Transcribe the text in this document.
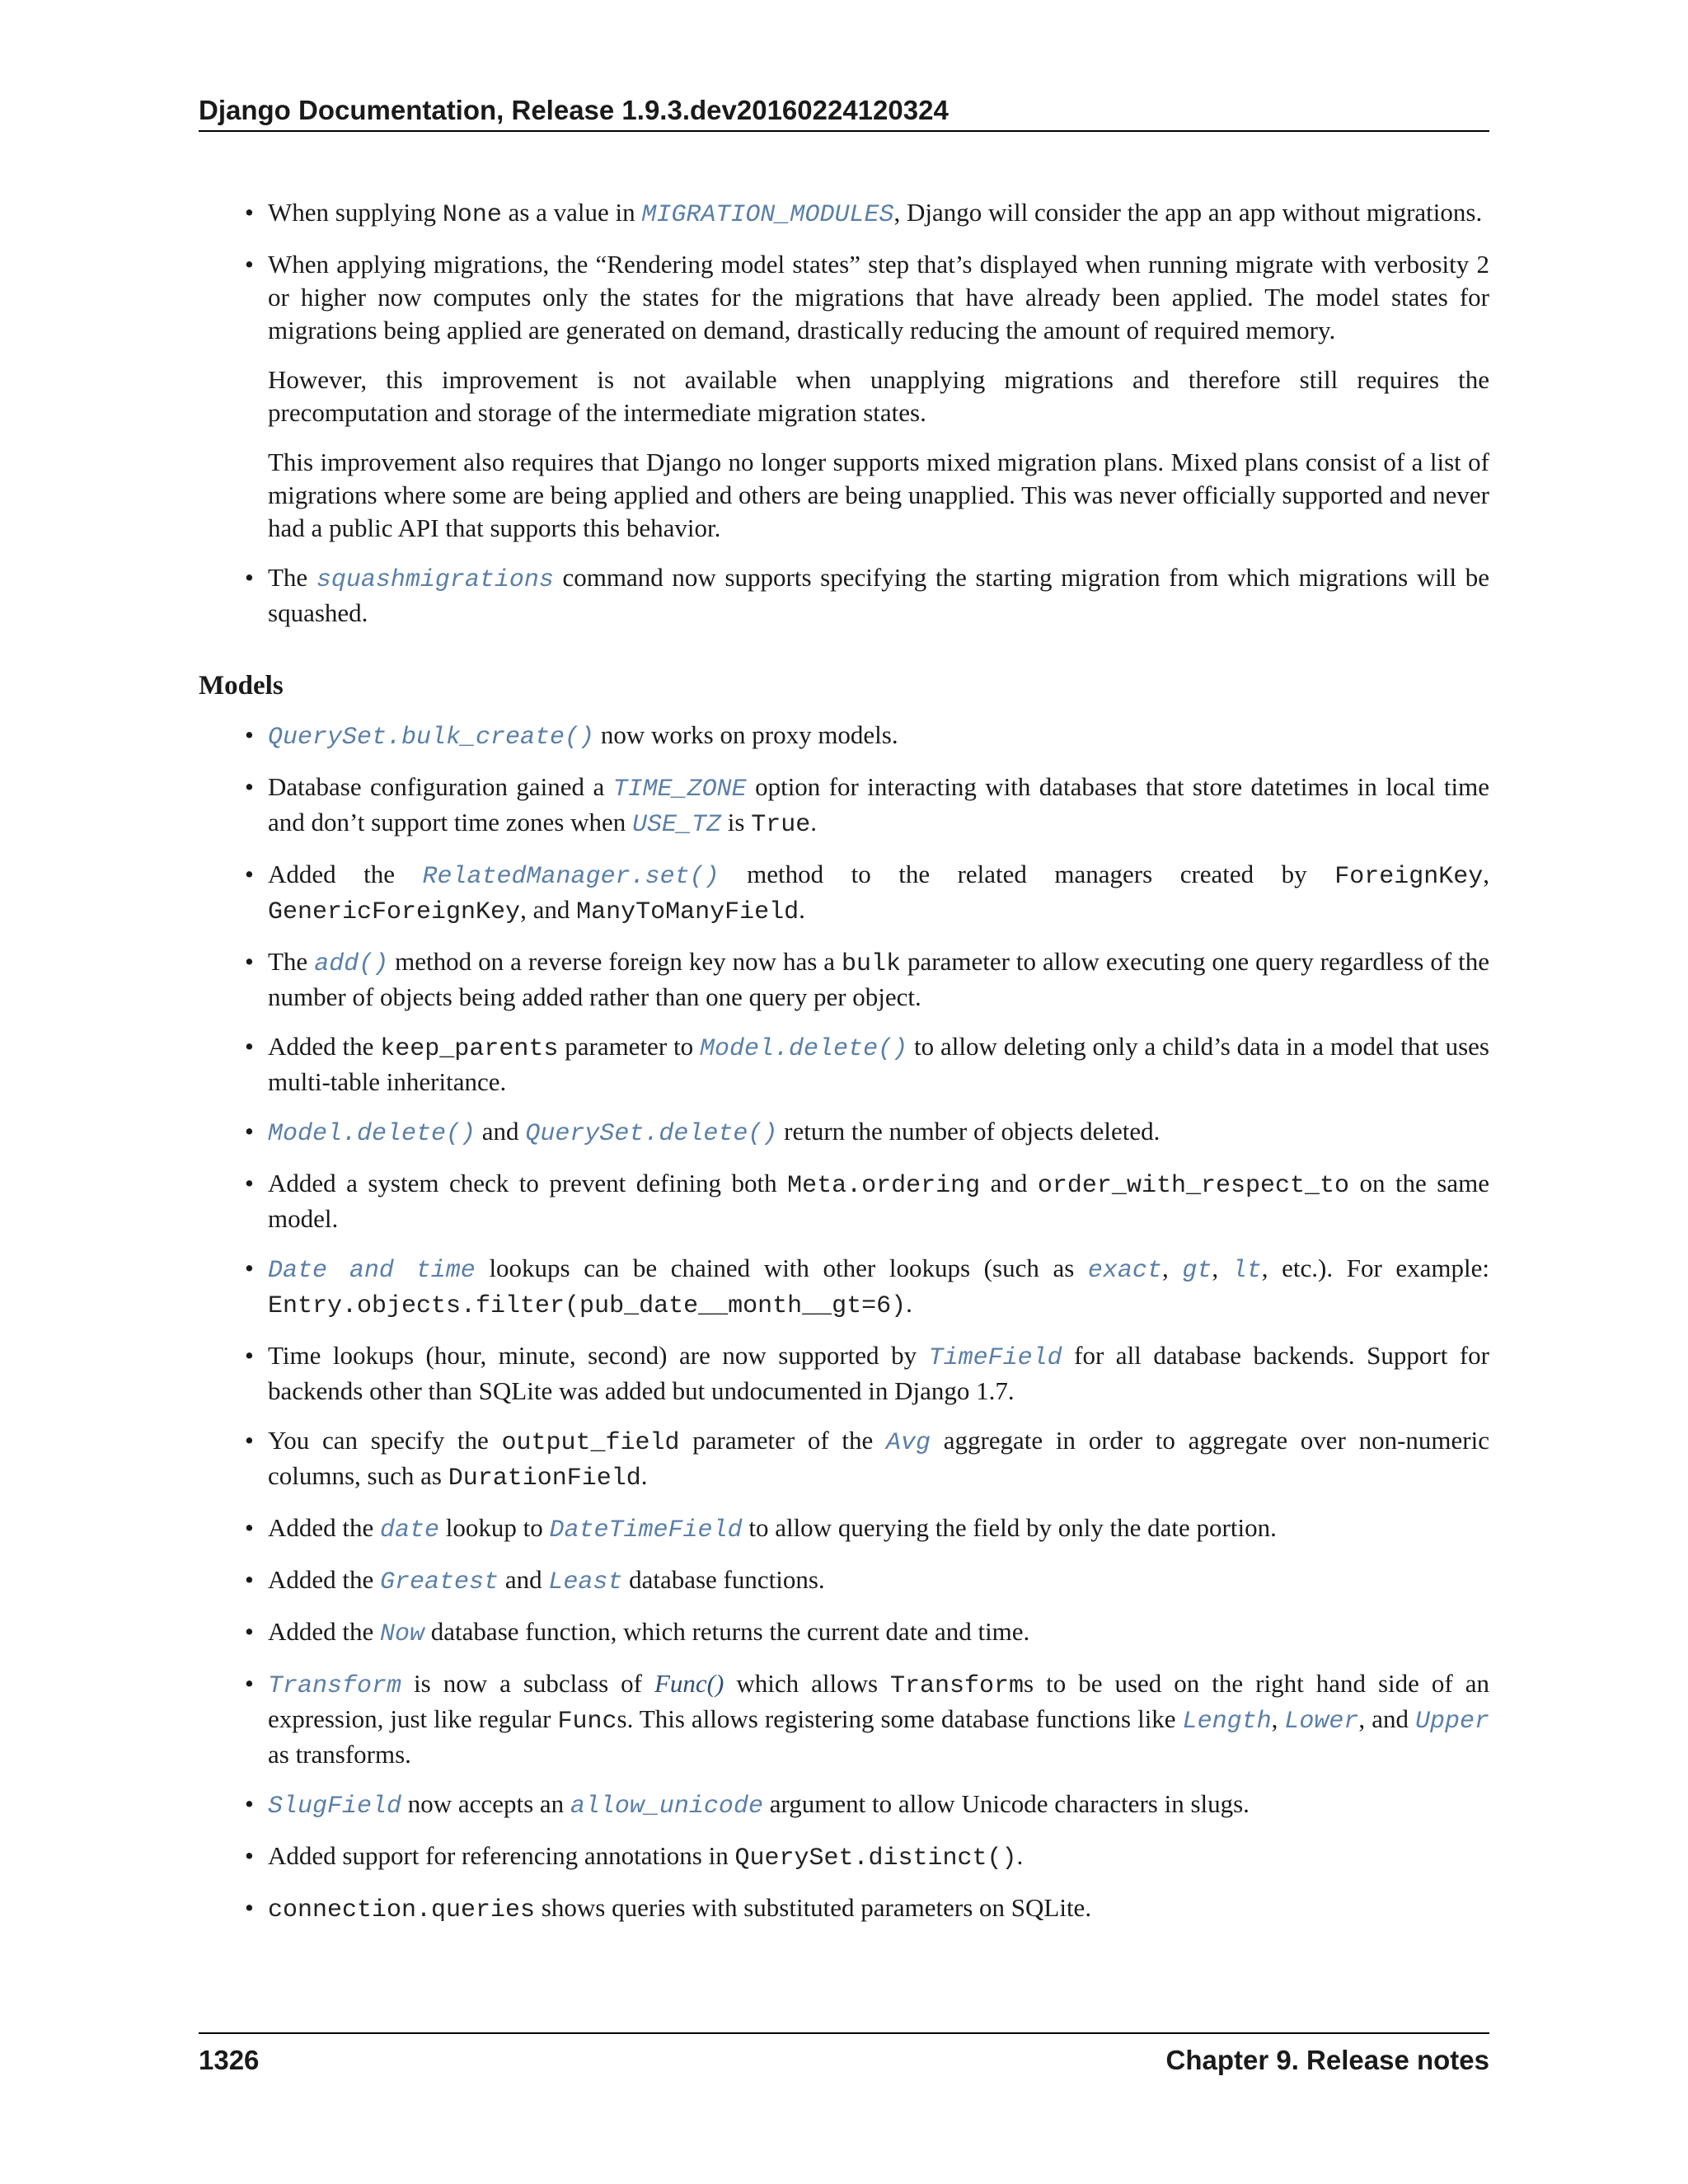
Django Documentation, Release 1.9.3.dev20160224120324
• When supplying None as a value in MIGRATION_MODULES, Django will consider the app an app without migrations.
• When applying migrations, the “Rendering model states” step that’s displayed when running migrate with verbosity 2 or higher now computes only the states for the migrations that have already been applied. The model states for migrations being applied are generated on demand, drastically reducing the amount of required memory.
However, this improvement is not available when unapplying migrations and therefore still requires the precomputation and storage of the intermediate migration states.
This improvement also requires that Django no longer supports mixed migration plans. Mixed plans consist of a list of migrations where some are being applied and others are being unapplied. This was never officially supported and never had a public API that supports this behavior.
• The squashmigrations command now supports specifying the starting migration from which migrations will be squashed.
Models
• QuerySet.bulk_create() now works on proxy models.
• Database configuration gained a TIME_ZONE option for interacting with databases that store datetimes in local time and don’t support time zones when USE_TZ is True.
• Added the RelatedManager.set() method to the related managers created by ForeignKey, GenericForeignKey, and ManyToManyField.
• The add() method on a reverse foreign key now has a bulk parameter to allow executing one query regardless of the number of objects being added rather than one query per object.
• Added the keep_parents parameter to Model.delete() to allow deleting only a child’s data in a model that uses multi-table inheritance.
• Model.delete() and QuerySet.delete() return the number of objects deleted.
• Added a system check to prevent defining both Meta.ordering and order_with_respect_to on the same model.
• Date and time lookups can be chained with other lookups (such as exact, gt, lt, etc.). For example: Entry.objects.filter(pub_date__month__gt=6).
• Time lookups (hour, minute, second) are now supported by TimeField for all database backends. Support for backends other than SQLite was added but undocumented in Django 1.7.
• You can specify the output_field parameter of the Avg aggregate in order to aggregate over non-numeric columns, such as DurationField.
• Added the date lookup to DateTimeField to allow querying the field by only the date portion.
• Added the Greatest and Least database functions.
• Added the Now database function, which returns the current date and time.
• Transform is now a subclass of Func() which allows Transforms to be used on the right hand side of an expression, just like regular Funcs. This allows registering some database functions like Length, Lower, and Upper as transforms.
• SlugField now accepts an allow_unicode argument to allow Unicode characters in slugs.
• Added support for referencing annotations in QuerySet.distinct().
• connection.queries shows queries with substituted parameters on SQLite.
1326	Chapter 9. Release notes
